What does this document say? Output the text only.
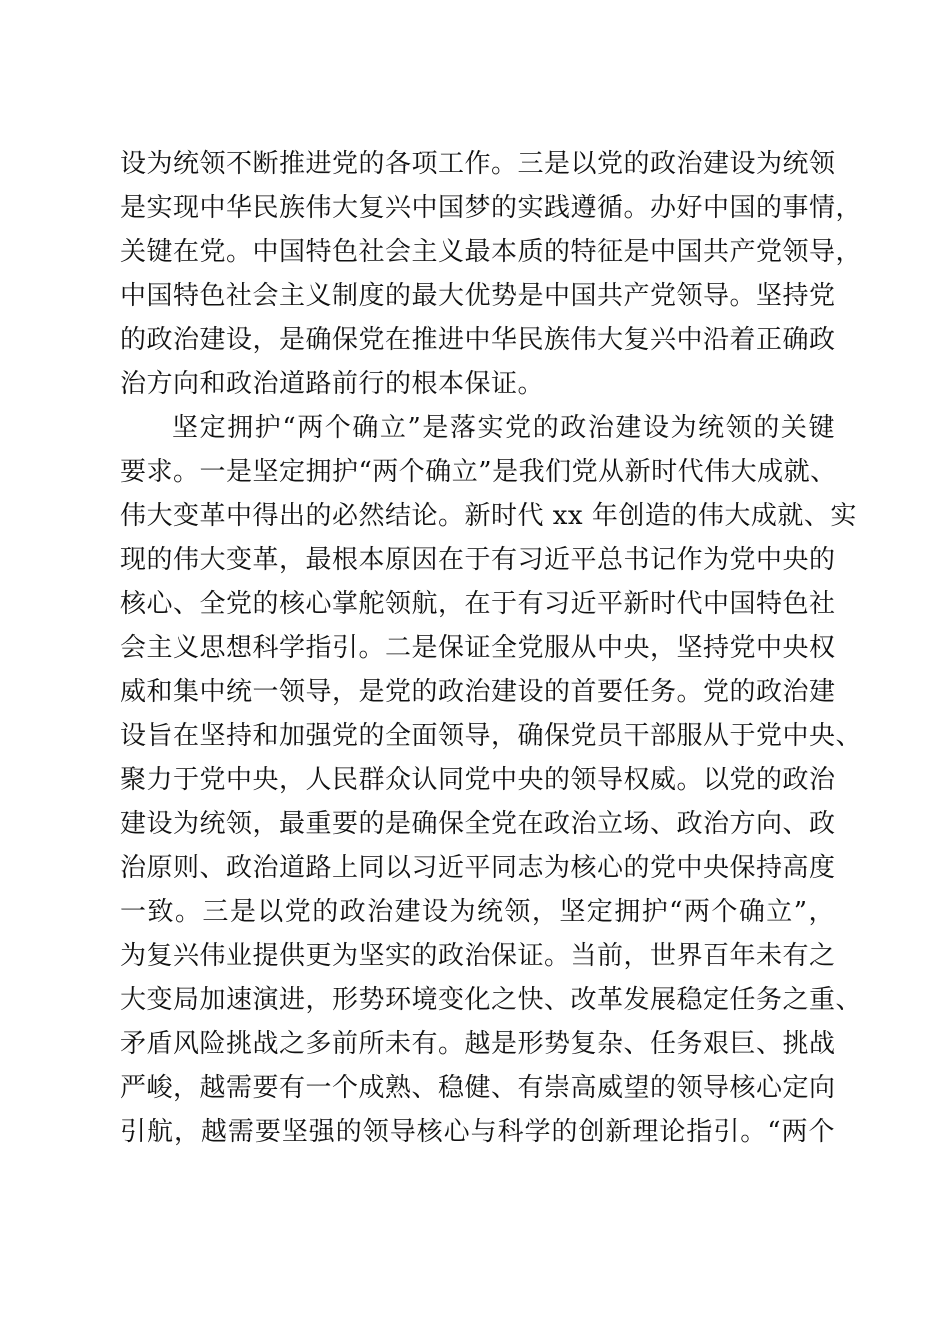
设为统领不断推进党的各项工作。三是以党的政治建设为统领
是实现中华民族伟大复兴中国梦的实践遵循。办好中国的事情，
关键在党。中国特色社会主义最本质的特征是中国共产党领导，
中国特色社会主义制度的最大优势是中国共产党领导。坚持党
的政治建设，是确保党在推进中华民族伟大复兴中沿着正确政
治方向和政治道路前行的根本保证。
坚定拥护“两个确立”是落实党的政治建设为统领的关键
要求。一是坚定拥护“两个确立”是我们党从新时代伟大成就、
伟大变革中得出的必然结论。新时代 xx 年创造的伟大成就、实
现的伟大变革，最根本原因在于有习近平总书记作为党中央的
核心、全党的核心掌舵领航，在于有习近平新时代中国特色社
会主义思想科学指引。二是保证全党服从中央，坚持党中央权
威和集中统一领导，是党的政治建设的首要任务。党的政治建
设旨在坚持和加强党的全面领导，确保党员干部服从于党中央、
聚力于党中央，人民群众认同党中央的领导权威。以党的政治
建设为统领，最重要的是确保全党在政治立场、政治方向、政
治原则、政治道路上同以习近平同志为核心的党中央保持高度
一致。三是以党的政治建设为统领，坚定拥护“两个确立”，
为复兴伟业提供更为坚实的政治保证。当前，世界百年未有之
大变局加速演进，形势环境变化之快、改革发展稳定任务之重、
矛盾风险挑战之多前所未有。越是形势复杂、任务艰巨、挑战
严峻，越需要有一个成熟、稳健、有崇高威望的领导核心定向
引航，越需要坚强的领导核心与科学的创新理论指引。“两个
